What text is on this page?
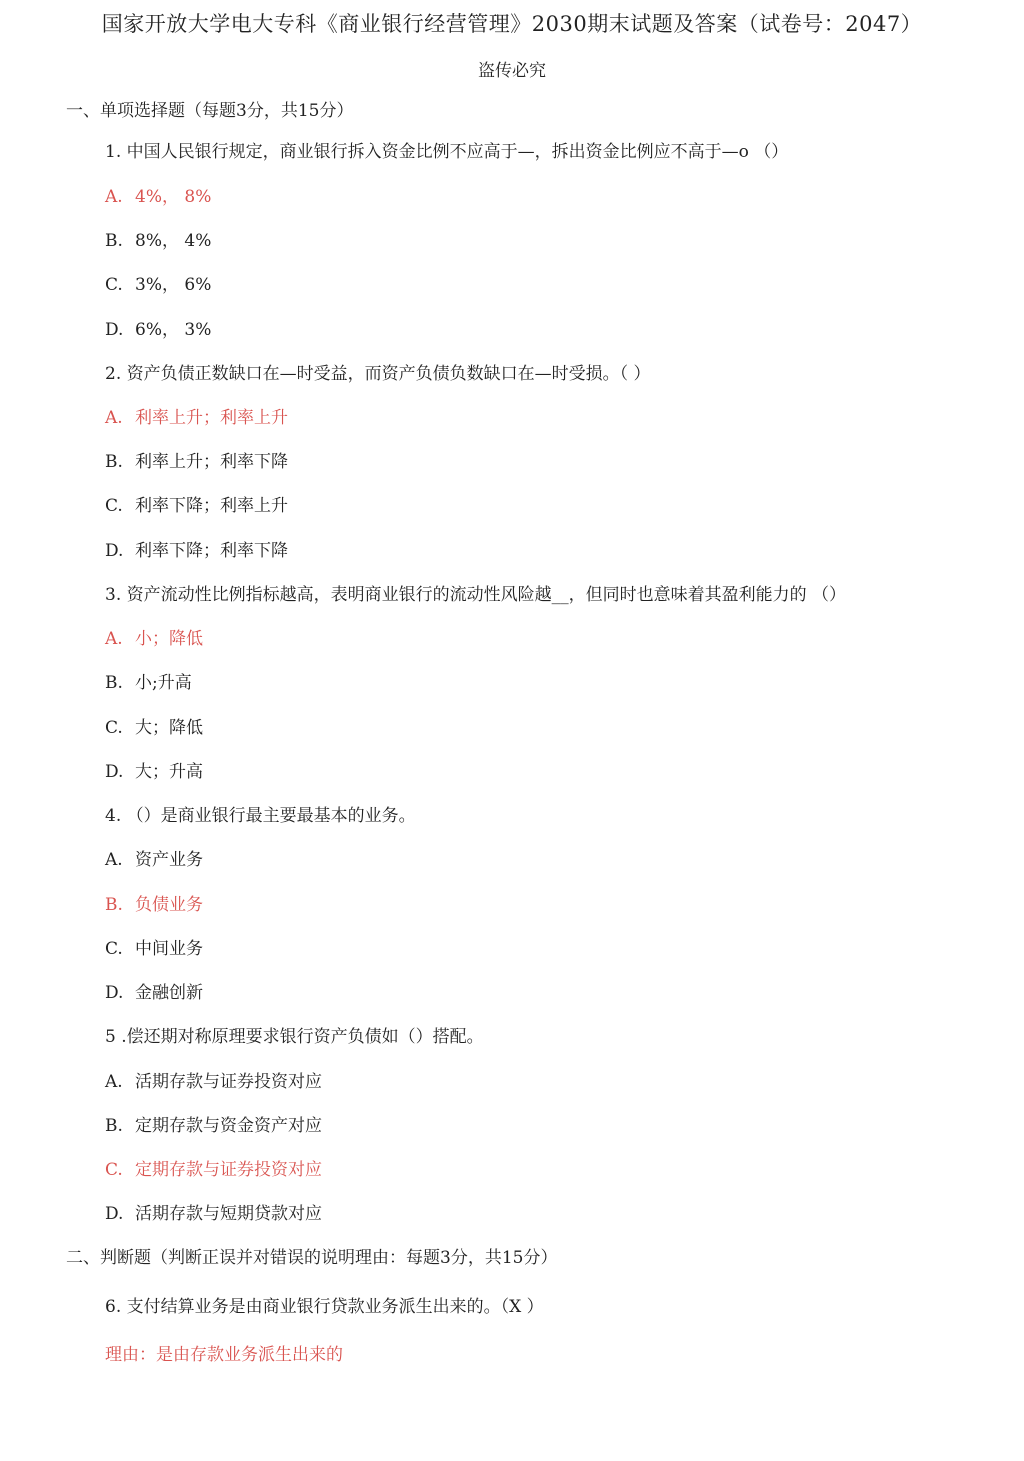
国家开放大学电大专科《商业银行经营管理》2030期末试题及答案（试卷号：2047）
盗传必究
一、单项选择题（每题3分，共15分）
1. 中国人民银行规定，商业银行拆入资金比例不应高于—，拆出资金比例应不高于—o （）
A. 4%， 8%
B. 8%， 4%
C. 3%， 6%
D. 6%， 3%
2. 资产负债正数缺口在—时受益，而资产负债负数缺口在—时受损。（ ）
A. 利率上升；利率上升
B. 利率上升；利率下降
C. 利率下降；利率上升
D. 利率下降；利率下降
3. 资产流动性比例指标越高，表明商业银行的流动性风险越__，但同时也意味着其盈利能力的 （）
A. 小；降低
B. 小;升高
C. 大；降低
D. 大；升高
4. （）是商业银行最主要最基本的业务。
A. 资产业务
B. 负债业务
C. 中间业务
D. 金融创新
5 .偿还期对称原理要求银行资产负债如（）搭配。
A. 活期存款与证券投资对应
B. 定期存款与资金资产对应
C. 定期存款与证券投资对应
D. 活期存款与短期贷款对应
二、判断题（判断正误并对错误的说明理由：每题3分，共15分）
6. 支付结算业务是由商业银行贷款业务派生出来的。（X ）
理由：是由存款业务派生出来的
